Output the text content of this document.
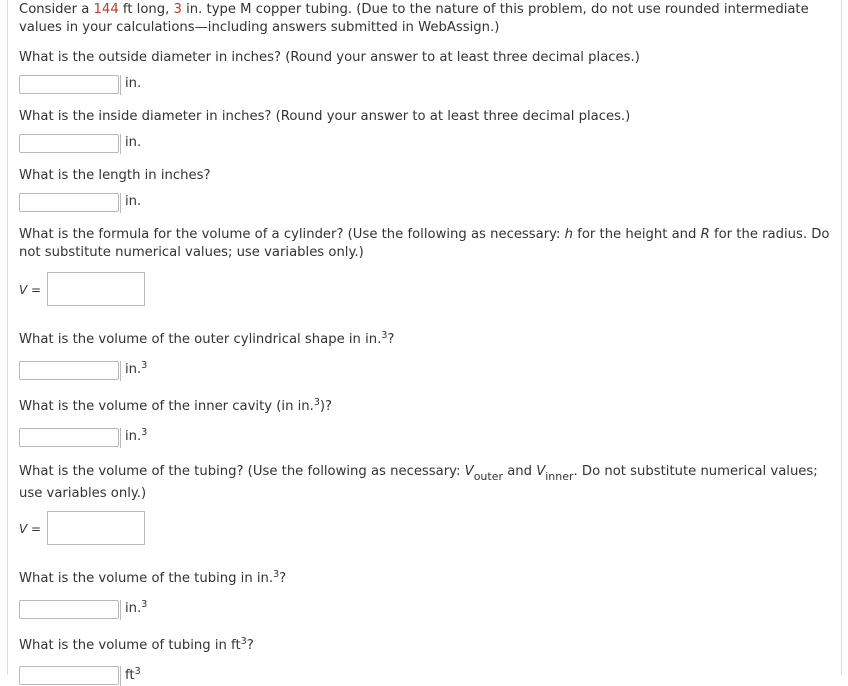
Consider a 144 ft long, 3 in. type M copper tubing. (Due to the nature of this problem, do not use rounded intermediate
values in your calculations—including answers submitted in WebAssign.)
What is the outside diameter in inches? (Round your answer to at least three decimal places.)
in.
What is the inside diameter in inches? (Round your answer to at least three decimal places.)
in.
What is the length in inches?
in.
What is the formula for the volume of a cylinder? (Use the following as necessary: h for the height and R for the radius. Do
not substitute numerical values; use variables only.)
V =
What is the volume of the outer cylindrical shape in in.$^3$?
in.$^3$
What is the volume of the inner cavity (in in.$^3$)?
in.$^3$
What is the volume of the tubing? (Use the following as necessary: $V_{outer}$ and $V_{inner}$. Do not substitute numerical values;
use variables only.)
V =
What is the volume of the tubing in in.$^3$?
in.$^3$
What is the volume of tubing in $ft^3$?
$ft^3$
